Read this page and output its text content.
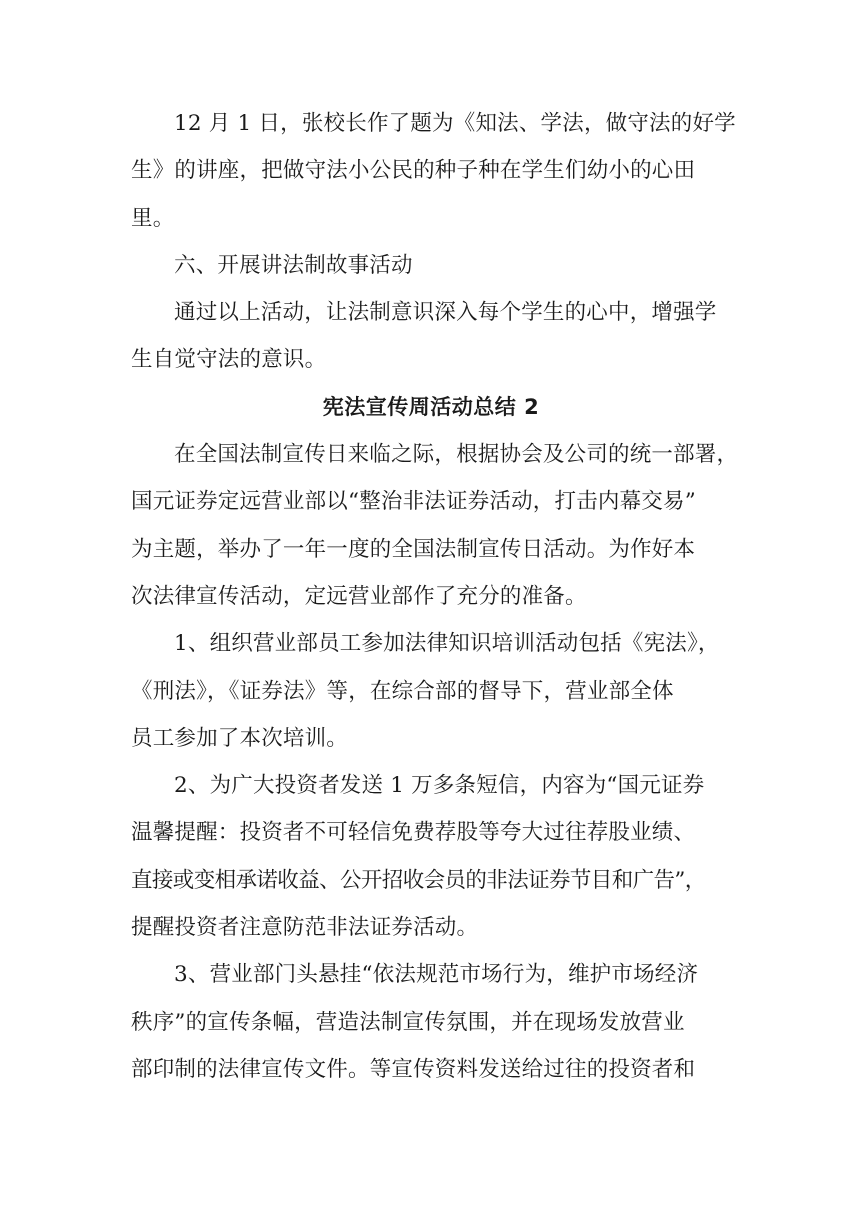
12 月 1 日，张校长作了题为《知法、学法，做守法的好学
生》的讲座，把做守法小公民的种子种在学生们幼小的心田
里。

六、开展讲法制故事活动

通过以上活动，让法制意识深入每个学生的心中，增强学
生自觉守法的意识。

宪法宣传周活动总结 2

在全国法制宣传日来临之际，根据协会及公司的统一部署，
国元证券定远营业部以“整治非法证券活动，打击内幕交易”
为主题，举办了一年一度的全国法制宣传日活动。为作好本
次法律宣传活动，定远营业部作了充分的准备。

1、组织营业部员工参加法律知识培训活动包括《宪法》，
《刑法》，《证券法》等，在综合部的督导下，营业部全体
员工参加了本次培训。

2、为广大投资者发送 1 万多条短信，内容为“国元证券
温馨提醒：投资者不可轻信免费荐股等夸大过往荐股业绩、
直接或变相承诺收益、公开招收会员的非法证券节目和广告”，
提醒投资者注意防范非法证券活动。

3、营业部门头悬挂“依法规范市场行为，维护市场经济
秩序”的宣传条幅，营造法制宣传氛围，并在现场发放营业
部印制的法律宣传文件。等宣传资料发送给过往的投资者和
